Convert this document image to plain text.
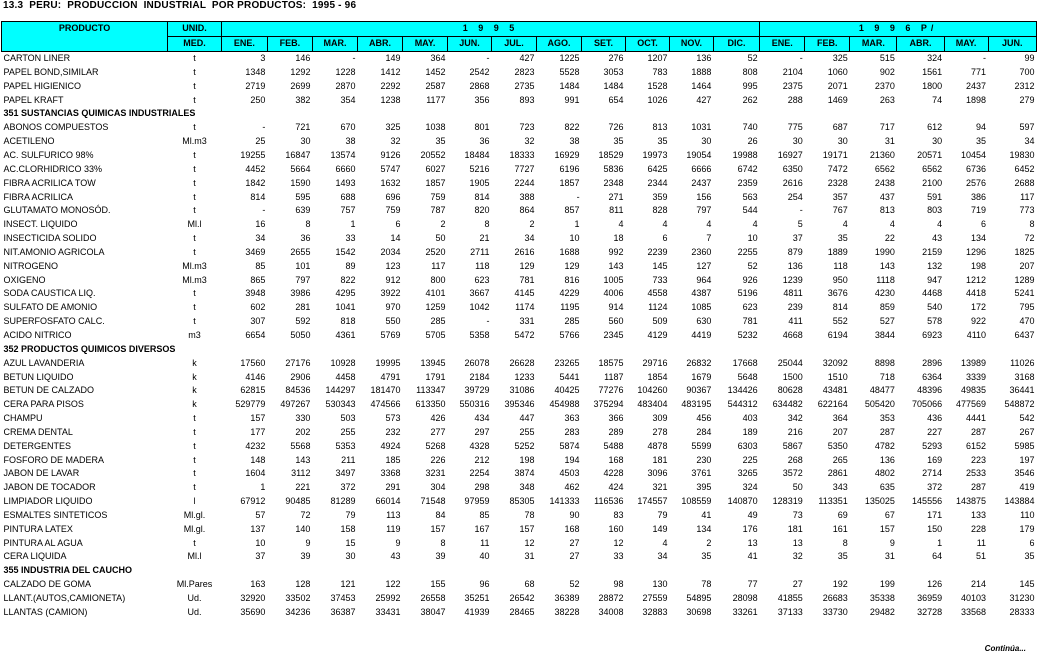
13.3  PERU:  PRODUCCION  INDUSTRIAL  POR PRODUCTOS:  1995 - 96
PRODUCTO	UNID.	1 9 9 5												1 9 9 6 P/					
	MED.	ENE.	FEB.	MAR.	ABR.	MAY.	JUN.	JUL.	AGO.	SET.	OCT.	NOV.	DIC.	ENE.	FEB.	MAR.	ABR.	MAY.	JUN.
CARTON LINER	t	3	146	-	149	364	-	427	1225	276	1207	136	52	-	325	515	324	-	99
PAPEL BOND,SIMILAR	t	1348	1292	1228	1412	1452	2542	2823	5528	3053	783	1888	808	2104	1060	902	1561	771	700
PAPEL HIGIENICO	t	2719	2699	2870	2292	2587	2868	2735	1484	1484	1528	1464	995	2375	2071	2370	1800	2437	2312
PAPEL KRAFT	t	250	382	354	1238	1177	356	893	991	654	1026	427	262	288	1469	263	74	1898	279
351 SUSTANCIAS QUIMICAS INDUSTRIALES																			
ABONOS COMPUESTOS	t	-	721	670	325	1038	801	723	822	726	813	1031	740	775	687	717	612	94	597
ACETILENO	Ml.m3	25	30	38	32	35	36	32	38	35	35	30	26	30	30	31	30	35	34
AC. SULFURICO 98%	t	19255	16847	13574	9126	20552	18484	18333	16929	18529	19973	19054	19988	16927	19171	21360	20571	10454	19830
AC.CLORHIDRICO 33%	t	4452	5664	6660	5747	6027	5216	7727	6196	5836	6425	6666	6742	6350	7472	6562	6562	6736	6452
FIBRA ACRILICA TOW	t	1842	1590	1493	1632	1857	1905	2244	1857	2348	2344	2437	2359	2616	2328	2438	2100	2576	2688
FIBRA ACRILICA	t	814	595	688	696	759	814	388	-	271	359	156	563	254	357	437	591	386	117
GLUTAMATO MONOSÓD.	t	-	639	757	759	787	820	864	857	811	828	797	544	-	767	813	803	719	773
INSECT. LIQUIDO	Ml.l	16	8	1	6	2	8	2	1	4	4	4	4	5	4	4	4	6	8
INSECTICIDA SOLIDO	t	34	36	33	14	50	21	34	10	18	6	7	10	37	35	22	43	134	72
NIT.AMONIO AGRICOLA	t	3469	2655	1542	2034	2520	2711	2616	1688	992	2239	2360	2255	879	1889	1990	2159	1296	1825
NITROGENO	Ml.m3	85	101	89	123	117	118	129	129	143	145	127	52	136	118	143	132	198	207
OXIGENO	Ml.m3	865	797	822	912	800	623	781	816	1005	733	964	926	1239	950	1118	947	1212	1289
SODA CAUSTICA LIQ.	t	3948	3986	4295	3922	4101	3667	4145	4229	4006	4558	4387	5196	4811	3676	4230	4468	4418	5241
SULFATO DE AMONIO	t	602	281	1041	970	1259	1042	1174	1195	914	1124	1085	623	239	814	859	540	172	795
SUPERFOSFATO CALC.	t	307	592	818	550	285	-	331	285	560	509	630	781	411	552	527	578	922	470
ACIDO NITRICO	m3	6654	5050	4361	5769	5705	5358	5472	5766	2345	4129	4419	5232	4668	6194	3844	6923	4110	6437
352 PRODUCTOS QUIMICOS DIVERSOS																			
AZUL LAVANDERIA	k	17560	27176	10928	19995	13945	26078	26628	23265	18575	29716	26832	17668	25044	32092	8898	2896	13989	11026
BETUN LIQUIDO	k	4146	2906	4458	4791	1791	2184	1233	5441	1187	1854	1679	5648	1500	1510	718	6364	3339	3168
BETUN DE CALZADO	k	62815	84536	144297	181470	113347	39729	31086	40425	77276	104260	90367	134426	80628	43481	48477	48396	49835	36441
CERA PARA PISOS	k	529779	497267	530343	474566	613350	550316	395346	454988	375294	483404	483195	544312	634482	622164	505420	705066	477569	548872
CHAMPU	t	157	330	503	573	426	434	447	363	366	309	456	403	342	364	353	436	4441	542
CREMA DENTAL	t	177	202	255	232	277	297	255	283	289	278	284	189	216	207	287	227	287	267
DETERGENTES	t	4232	5568	5353	4924	5268	4328	5252	5874	5488	4878	5599	6303	5867	5350	4782	5293	6152	5985
FOSFORO DE MADERA	t	148	143	211	185	226	212	198	194	168	181	230	225	268	265	136	169	223	197
JABON DE LAVAR	t	1604	3112	3497	3368	3231	2254	3874	4503	4228	3096	3761	3265	3572	2861	4802	2714	2533	3546
JABON DE TOCADOR	t	1	221	372	291	304	298	348	462	424	321	395	324	50	343	635	372	287	419
LIMPIADOR LIQUIDO	l	67912	90485	81289	66014	71548	97959	85305	141333	116536	174557	108559	140870	128319	113351	135025	145556	143875	143884
ESMALTES SINTETICOS	Ml.gl.	57	72	79	113	84	85	78	90	83	79	41	49	73	69	67	171	133	110
PINTURA LATEX	Ml.gl.	137	140	158	119	157	167	157	168	160	149	134	176	181	161	157	150	228	179
PINTURA AL AGUA	t	10	9	15	9	8	11	12	27	12	4	2	13	13	8	9	1	11	6
CERA LIQUIDA	Ml.l	37	39	30	43	39	40	31	27	33	34	35	41	32	35	31	64	51	35
355 INDUSTRIA DEL CAUCHO																			
CALZADO DE GOMA	Ml.Pares	163	128	121	122	155	96	68	52	98	130	78	77	27	192	199	126	214	145
LLANT.(AUTOS,CAMIONETA)	Ud.	32920	33502	37453	25992	26558	35251	26542	36389	28872	27559	54895	28098	41855	26683	35338	36959	40103	31230
LLANTAS (CAMION)	Ud.	35690	34236	36387	33431	38047	41939	28465	38228	34008	32883	30698	33261	37133	33730	29482	32728	33568	28333
Continúa...
